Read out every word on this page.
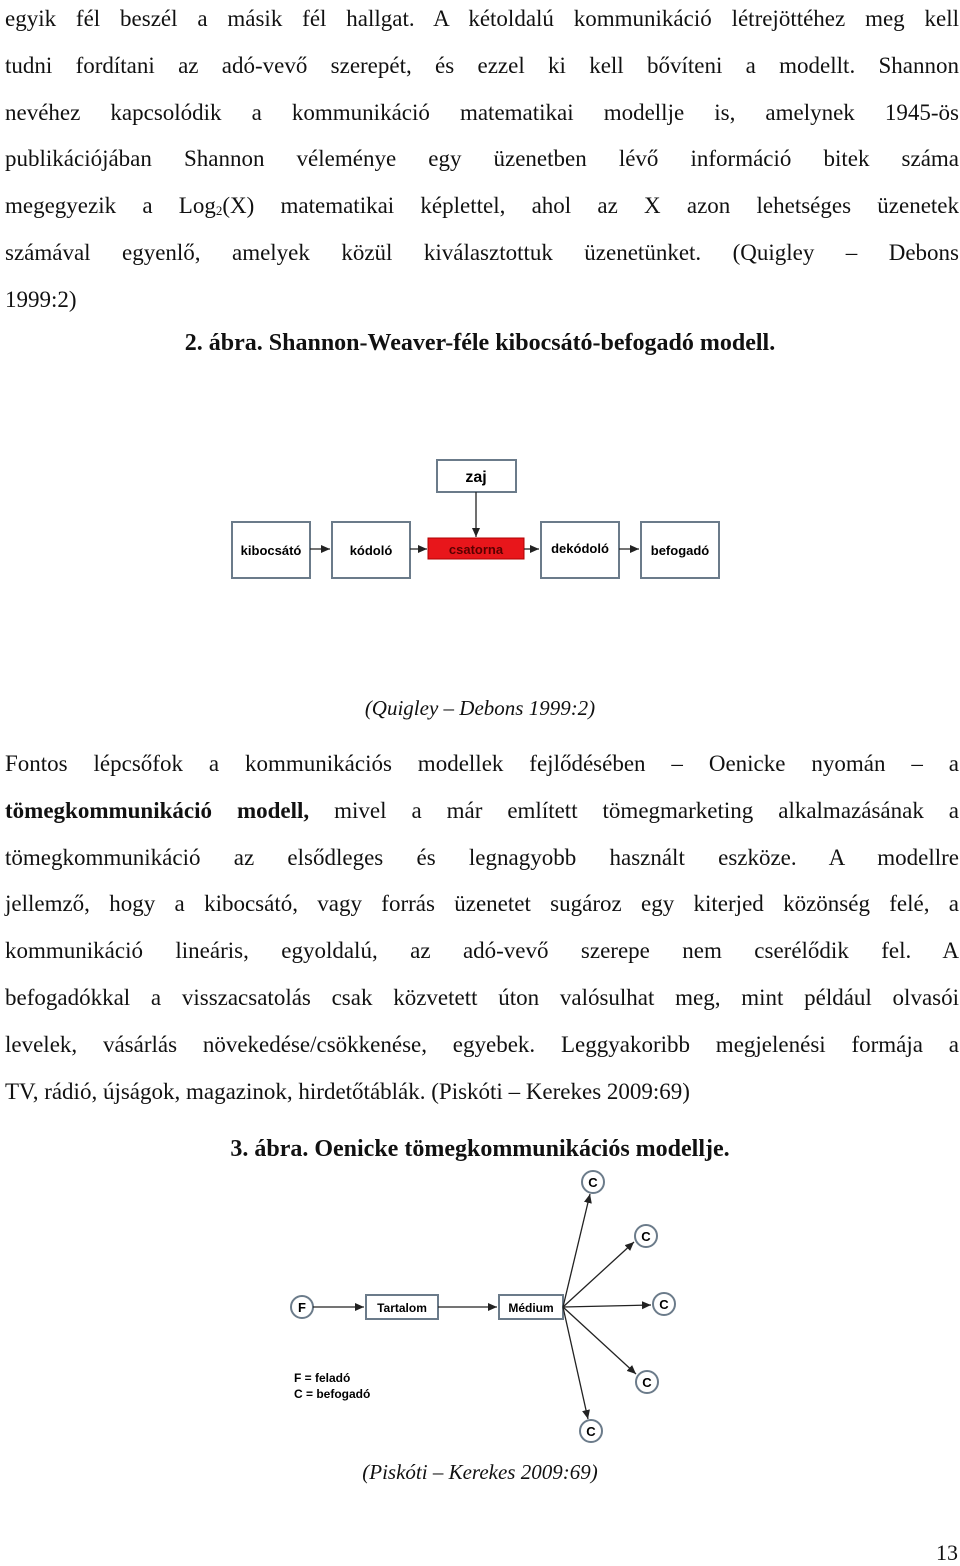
egyik fél beszél a másik fél hallgat. A kétoldalú kommunikáció létrejöttéhez meg kell
tudni fordítani az adó-vevő szerepét, és ezzel ki kell bővíteni a modellt. Shannon
nevéhez kapcsolódik a kommunikáció matematikai modellje is, amelynek 1945-ös
publikációjában Shannon véleménye egy üzenetben lévő információ bitek száma
megegyezik a Log$_2$(X) matematikai képlettel, ahol az X azon lehetséges üzenetek
számával egyenlő, amelyek közül kiválasztottuk üzenetünket. (Quigley – Debons
1999:2)
2. ábra. Shannon-Weaver-féle kibocsátó-befogadó modell.
zaj
kibocsátó	kódoló	csatorna	dekódoló	befogadó
(Quigley – Debons 1999:2)
Fontos lépcsőfok a kommunikációs modellek fejlődésében – Oenicke nyomán – a
tömegkommunikáció modell, mivel a már említett tömegmarketing alkalmazásának a
tömegkommunikáció az elsődleges és legnagyobb használt eszköze. A modellre
jellemző, hogy a kibocsátó, vagy forrás üzenetet sugároz egy kiterjed közönség felé, a
kommunikáció lineáris, egyoldalú, az adó-vevő szerepe nem cserélődik fel. A
befogadókkal a visszacsatolás csak közvetett úton valósulhat meg, mint például olvasói
levelek, vásárlás növekedése/csökkenése, egyebek. Leggyakoribb megjelenési formája a
TV, rádió, újságok, magazinok, hirdetőtáblák. (Piskóti – Kerekes 2009:69)
3. ábra. Oenicke tömegkommunikációs modellje.
F	Tartalom	Médium
C
C
C
C
C
F = feladó
C = befogadó
(Piskóti – Kerekes 2009:69)
13
